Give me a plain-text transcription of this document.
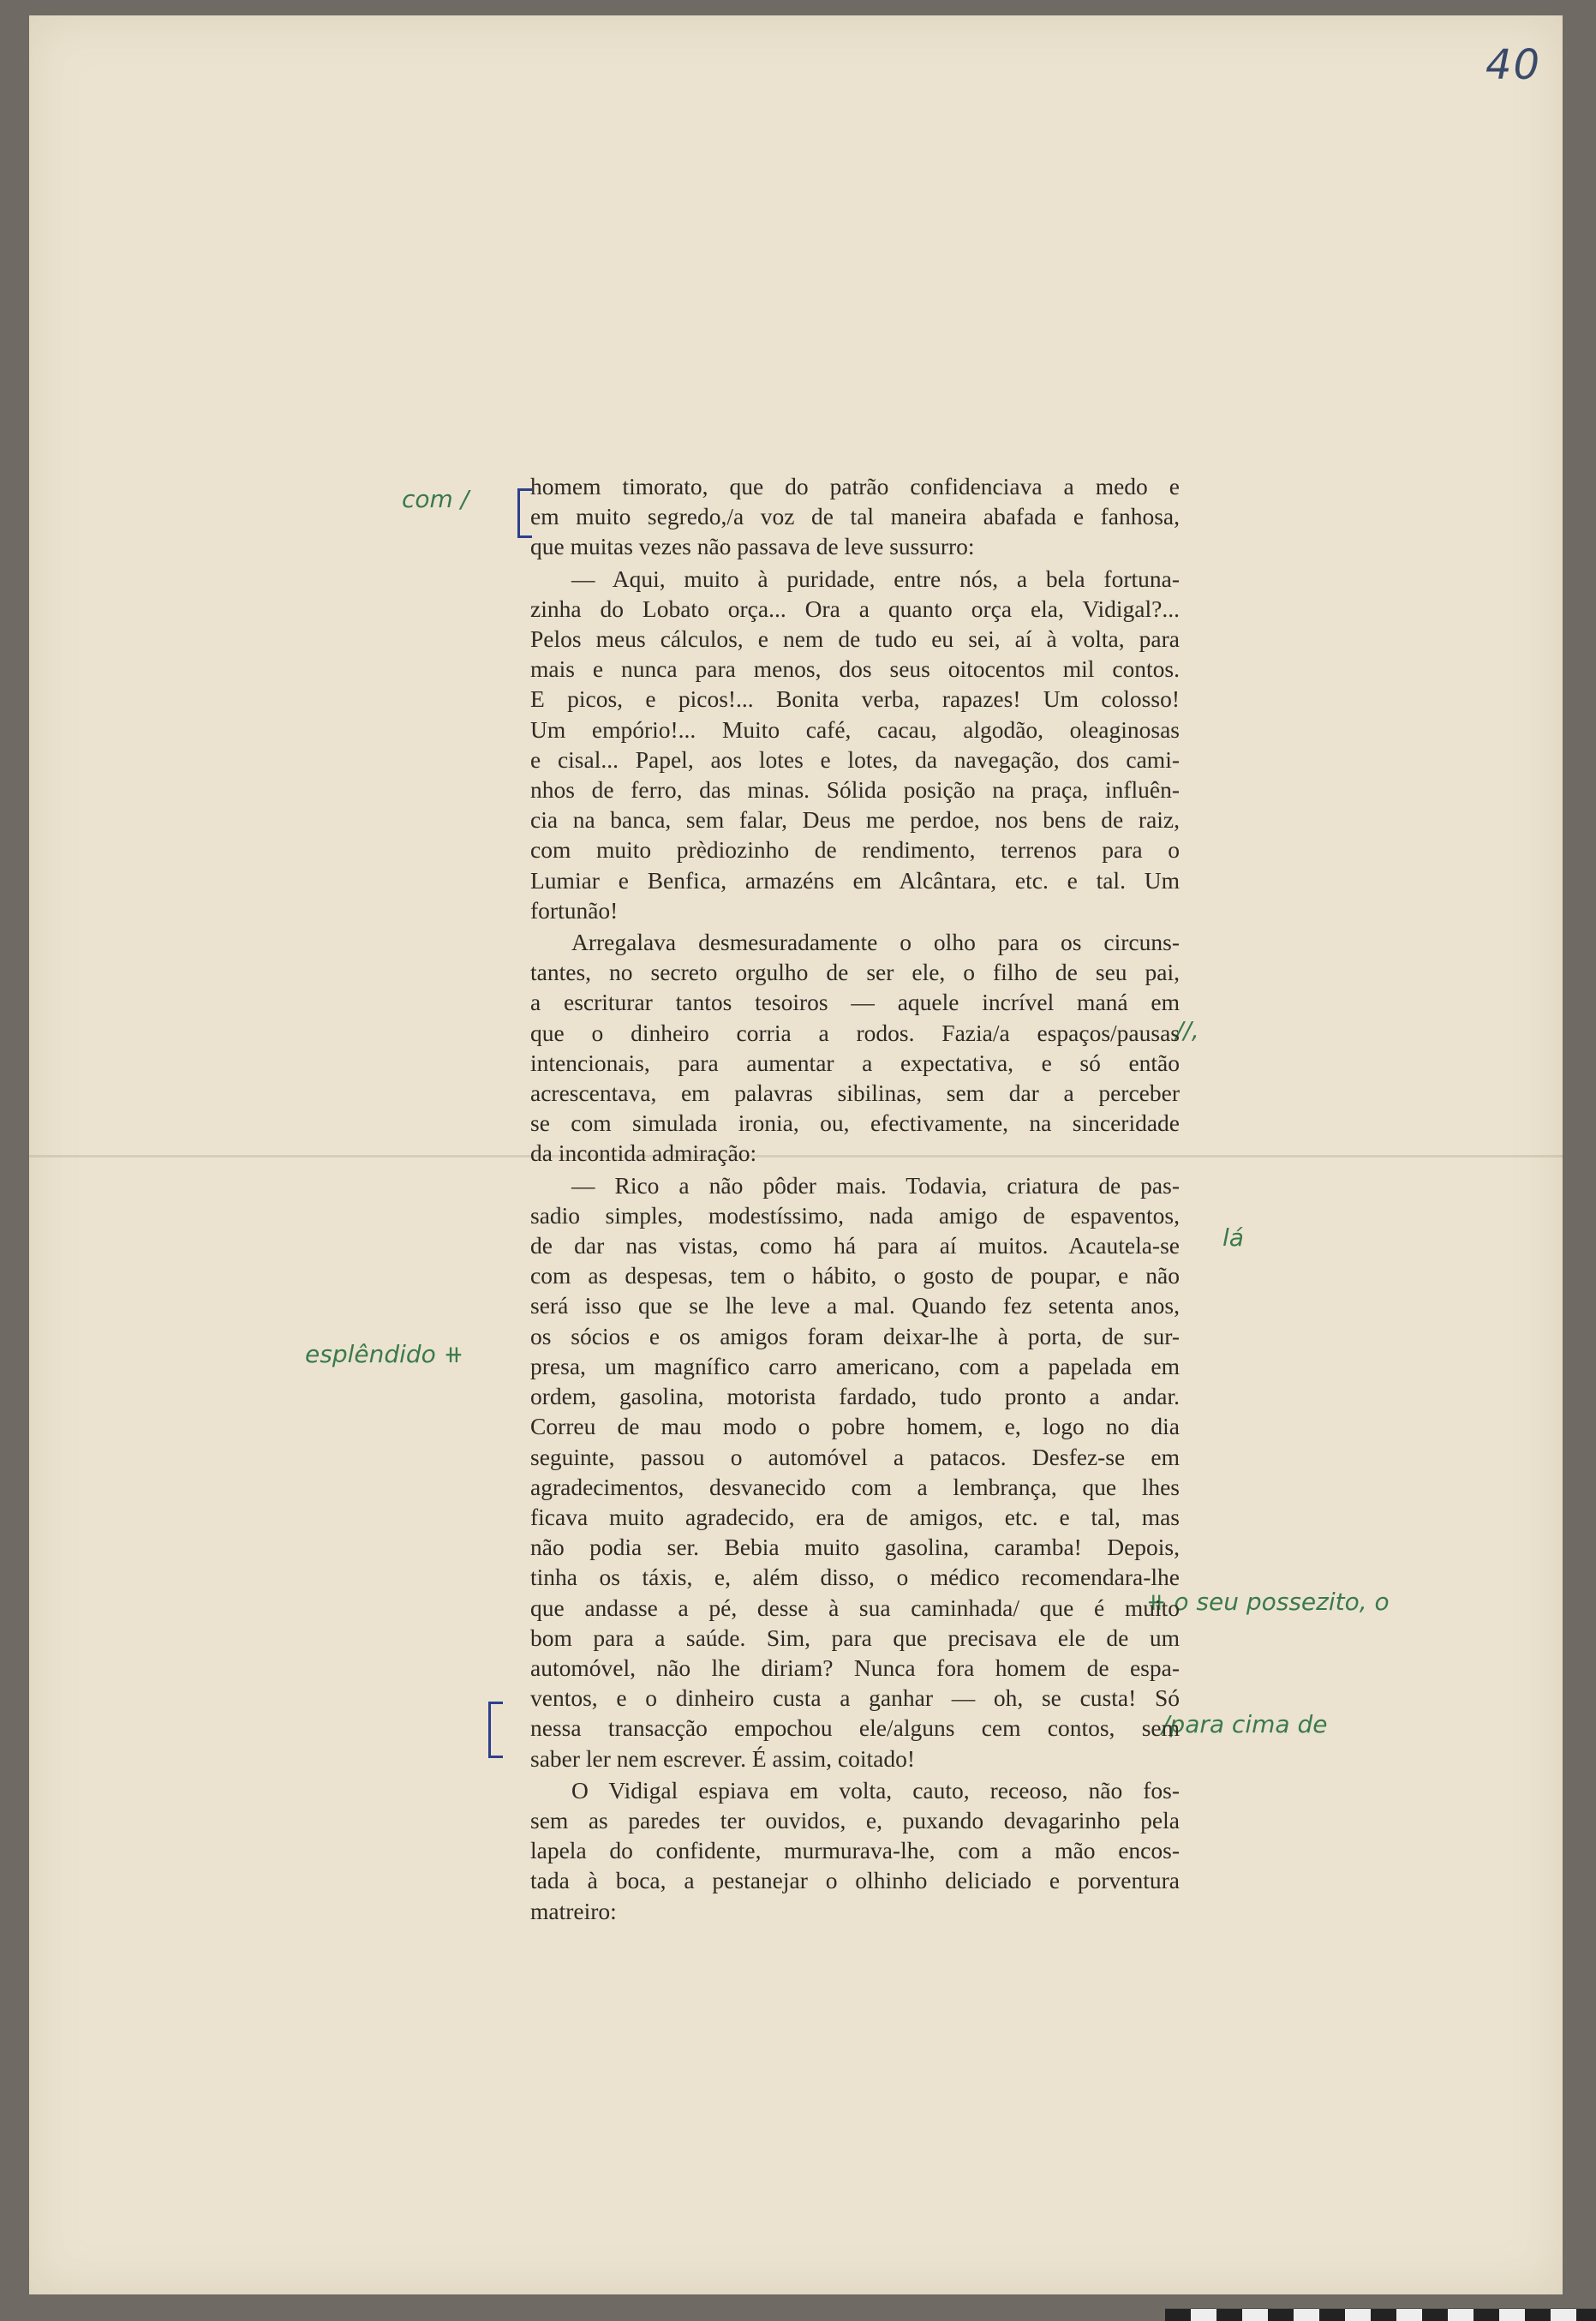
40
com /
//,
lá
esplêndido ⧺
⧺ o seu possezito, o
/para cima de

homem timorato, que do patrão confidenciava a medo e
em muito segredo,/a voz de tal maneira abafada e fanhosa,
que muitas vezes não passava de leve sussurro:

— Aqui, muito à puridade, entre nós, a bela fortuna-
zinha do Lobato orça... Ora a quanto orça ela, Vidigal?...
Pelos meus cálculos, e nem de tudo eu sei, aí à volta, para
mais e nunca para menos, dos seus oitocentos mil contos.
E picos, e picos!... Bonita verba, rapazes! Um colosso!
Um empório!... Muito café, cacau, algodão, oleaginosas
e cisal... Papel, aos lotes e lotes, da navegação, dos cami-
nhos de ferro, das minas. Sólida posição na praça, influên-
cia na banca, sem falar, Deus me perdoe, nos bens de raiz,
com muito prèdiozinho de rendimento, terrenos para o
Lumiar e Benfica, armazéns em Alcântara, etc. e tal. Um
fortunão!

Arregalava desmesuradamente o olho para os circuns-
tantes, no secreto orgulho de ser ele, o filho de seu pai,
a escriturar tantos tesoiros — aquele incrível maná em
que o dinheiro corria a rodos. Fazia/a espaços/pausas
intencionais, para aumentar a expectativa, e só então
acrescentava, em palavras sibilinas, sem dar a perceber
se com simulada ironia, ou, efectivamente, na sinceridade
da incontida admiração:

— Rico a não pôder mais. Todavia, criatura de pas-
sadio simples, modestíssimo, nada amigo de espaventos,
de dar nas vistas, como há para aí muitos. Acautela-se
com as despesas, tem o hábito, o gosto de poupar, e não
será isso que se lhe leve a mal. Quando fez setenta anos,
os sócios e os amigos foram deixar-lhe à porta, de sur-
presa, um magnífico carro americano, com a papelada em
ordem, gasolina, motorista fardado, tudo pronto a andar.
Correu de mau modo o pobre homem, e, logo no dia
seguinte, passou o automóvel a patacos. Desfez-se em
agradecimentos, desvanecido com a lembrança, que lhes
ficava muito agradecido, era de amigos, etc. e tal, mas
não podia ser. Bebia muito gasolina, caramba! Depois,
tinha os táxis, e, além disso, o médico recomendara-lhe
que andasse a pé, desse à sua caminhada/ que é muito
bom para a saúde. Sim, para que precisava ele de um
automóvel, não lhe diriam? Nunca fora homem de espa-
ventos, e o dinheiro custa a ganhar — oh, se custa! Só
nessa transacção empochou ele/alguns cem contos, sem
saber ler nem escrever. É assim, coitado!

O Vidigal espiava em volta, cauto, receoso, não fos-
sem as paredes ter ouvidos, e, puxando devagarinho pela
lapela do confidente, murmurava-lhe, com a mão encos-
tada à boca, a pestanejar o olhinho deliciado e porventura
matreiro:
